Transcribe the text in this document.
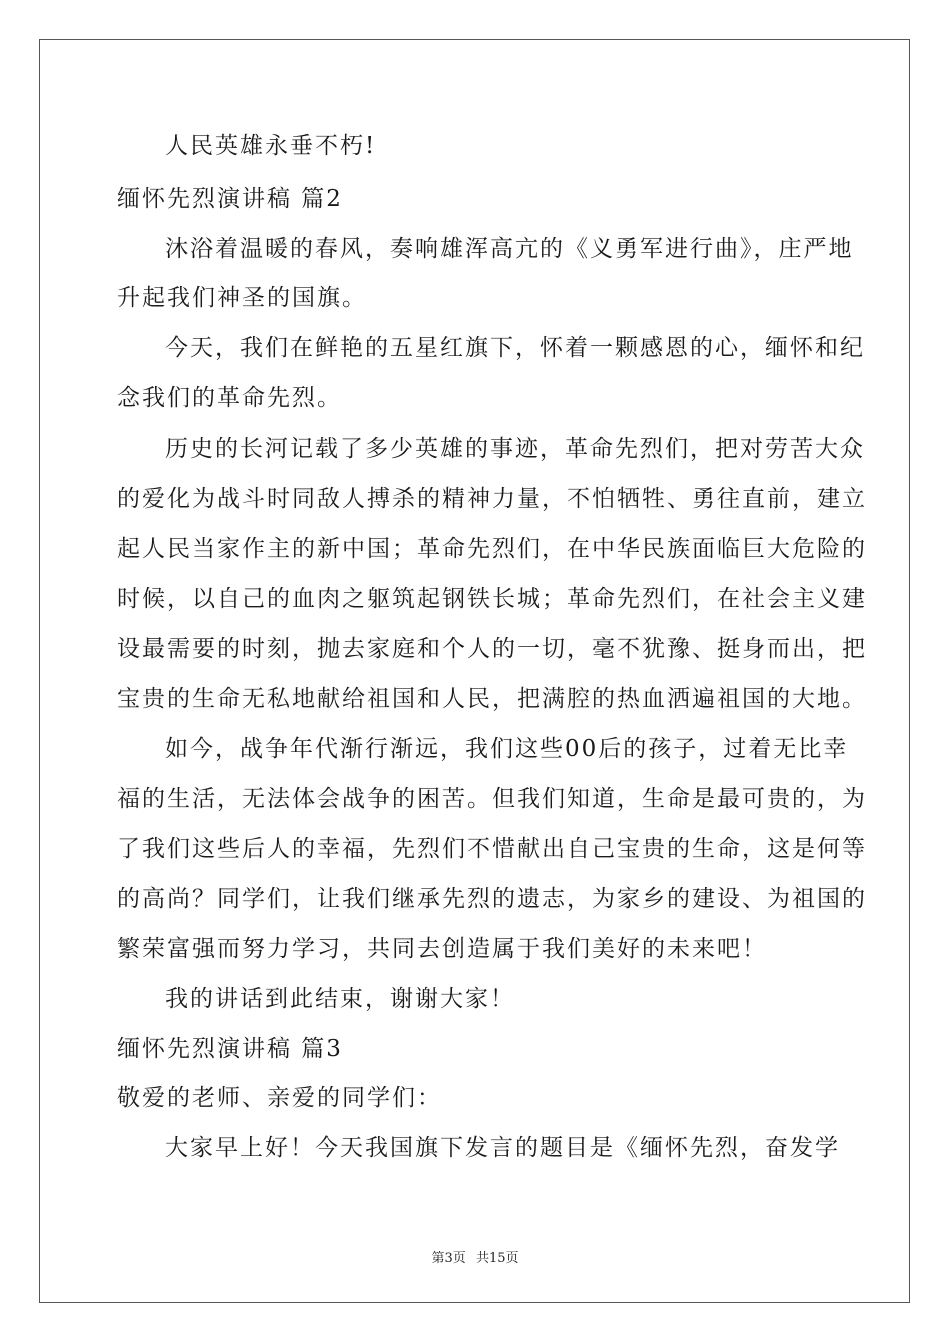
人民英雄永垂不朽!
缅怀先烈演讲稿 篇2
沐浴着温暖的春风，奏响雄浑高亢的《义勇军进行曲》，庄严地
升起我们神圣的国旗。
今天，我们在鲜艳的五星红旗下，怀着一颗感恩的心，缅怀和纪
念我们的革命先烈。
历史的长河记载了多少英雄的事迹，革命先烈们，把对劳苦大众
的爱化为战斗时同敌人搏杀的精神力量，不怕牺牲、勇往直前，建立
起人民当家作主的新中国；革命先烈们，在中华民族面临巨大危险的
时候，以自己的血肉之躯筑起钢铁长城；革命先烈们，在社会主义建
设最需要的时刻，抛去家庭和个人的一切，毫不犹豫、挺身而出，把
宝贵的生命无私地献给祖国和人民，把满腔的热血洒遍祖国的大地。
如今，战争年代渐行渐远，我们这些00后的孩子，过着无比幸
福的生活，无法体会战争的困苦。但我们知道，生命是最可贵的，为
了我们这些后人的幸福，先烈们不惜献出自己宝贵的生命，这是何等
的高尚？同学们，让我们继承先烈的遗志，为家乡的建设、为祖国的
繁荣富强而努力学习，共同去创造属于我们美好的未来吧！
我的讲话到此结束，谢谢大家！
缅怀先烈演讲稿 篇3
敬爱的老师、亲爱的同学们：
大家早上好！今天我国旗下发言的题目是《缅怀先烈，奋发学
第3页 共15页
